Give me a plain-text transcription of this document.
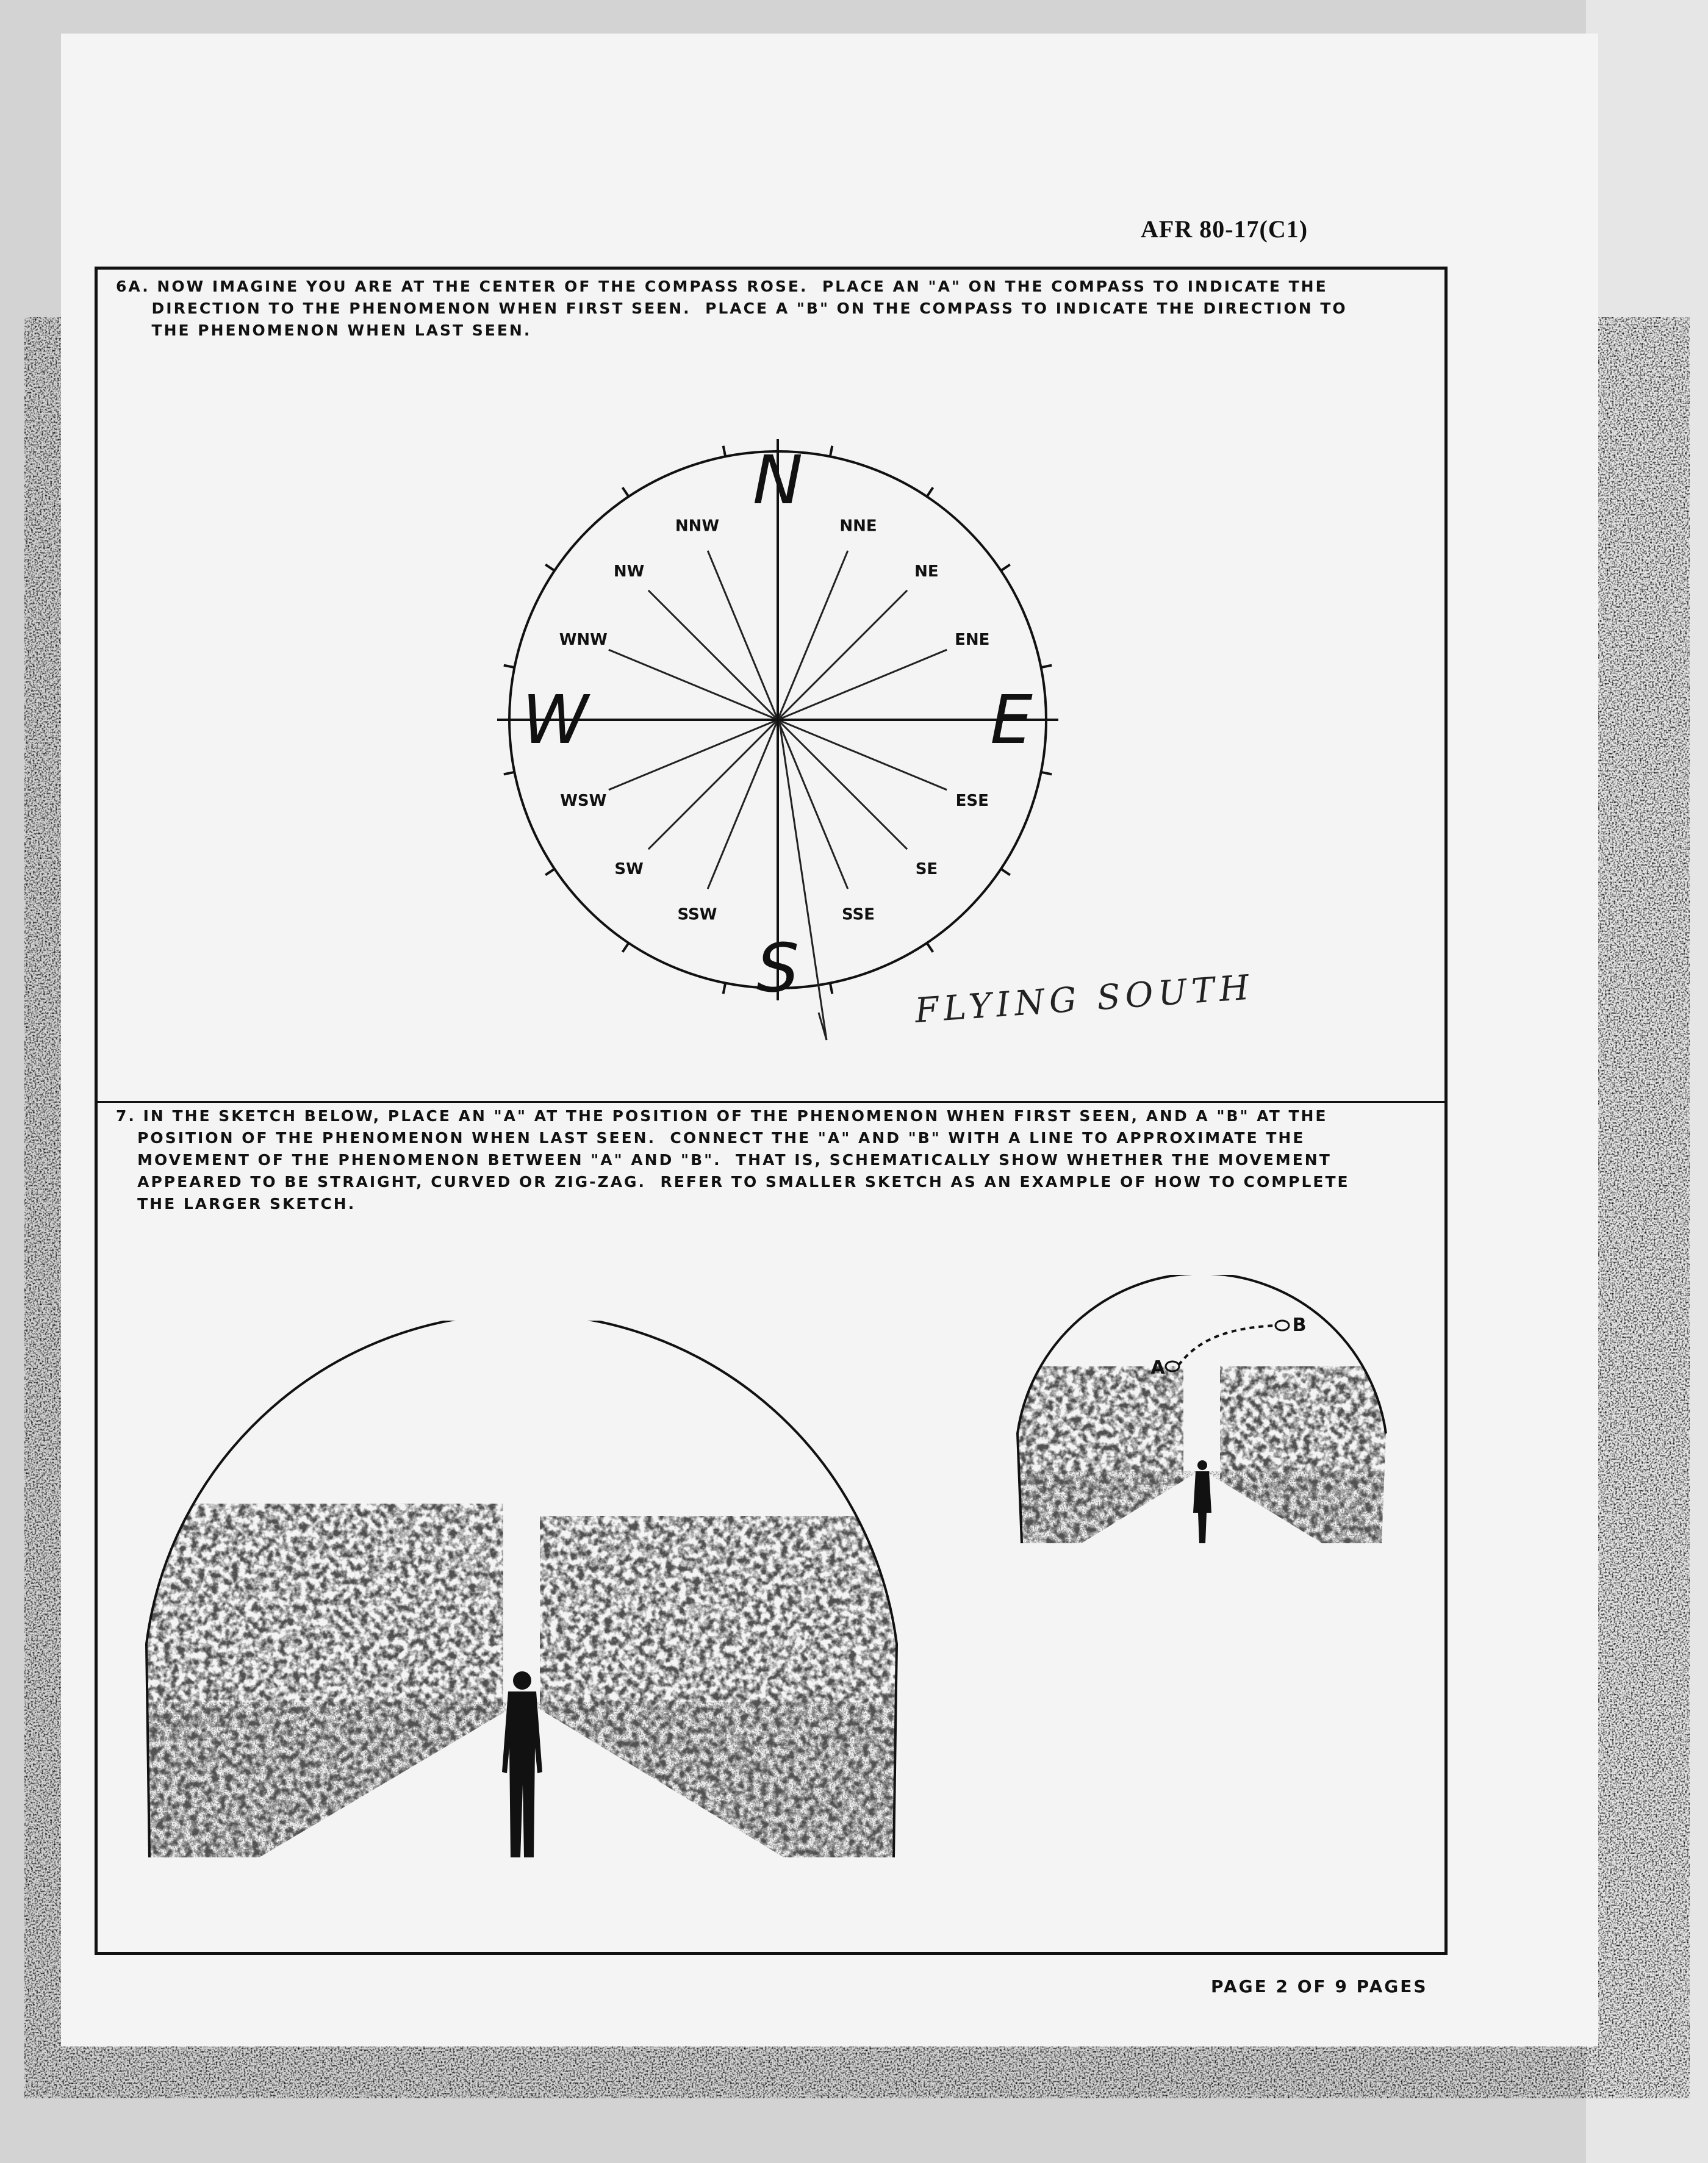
AFR 80-17(C1)
6A. NOW IMAGINE YOU ARE AT THE CENTER OF THE COMPASS ROSE.  PLACE AN "A" ON THE COMPASS TO INDICATE THE
DIRECTION TO THE PHENOMENON WHEN FIRST SEEN.  PLACE A "B" ON THE COMPASS TO INDICATE THE DIRECTION TO
THE PHENOMENON WHEN LAST SEEN.
7. IN THE SKETCH BELOW, PLACE AN "A" AT THE POSITION OF THE PHENOMENON WHEN FIRST SEEN, AND A "B" AT THE
POSITION OF THE PHENOMENON WHEN LAST SEEN.  CONNECT THE "A" AND "B" WITH A LINE TO APPROXIMATE THE
MOVEMENT OF THE PHENOMENON BETWEEN "A" AND "B".  THAT IS, SCHEMATICALLY SHOW WHETHER THE MOVEMENT
APPEARED TO BE STRAIGHT, CURVED OR ZIG-ZAG.  REFER TO SMALLER SKETCH AS AN EXAMPLE OF HOW TO COMPLETE
THE LARGER SKETCH.
N
E
S
W
NNE
NE
ENE
ESE
SE
SSE
SSW
SW
WSW
WNW
NW
NNW
FLYING SOUTH
A
B
PAGE 2 OF 9 PAGES
